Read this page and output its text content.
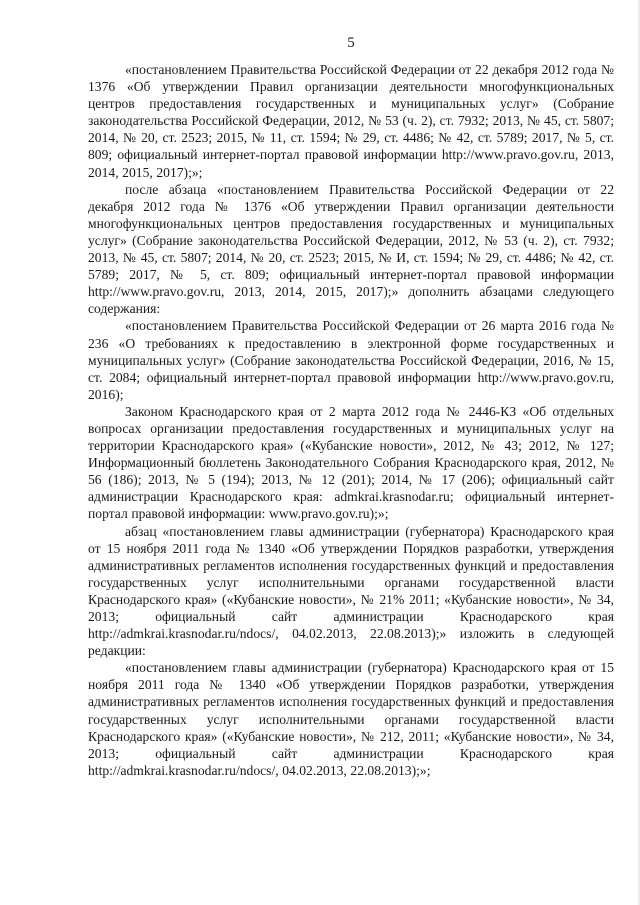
5

«постановлением Правительства Российской Федерации от 22 декабря 2012 года № 1376 «Об утверждении Правил организации деятельности многофункциональных центров предоставления государственных и муниципальных услуг» (Собрание законодательства Российской Федерации, 2012, № 53 (ч. 2), ст. 7932; 2013, № 45, ст. 5807; 2014, № 20, ст. 2523; 2015, № 11, ст. 1594; № 29, ст. 4486; № 42, ст. 5789; 2017, № 5, ст. 809; официальный интернет-портал правовой информации http://www.pravo.gov.ru, 2013, 2014, 2015, 2017);»;

после абзаца «постановлением Правительства Российской Федерации от 22 декабря 2012 года № 1376 «Об утверждении Правил организации деятельности многофункциональных центров предоставления государственных и муниципальных услуг» (Собрание законодательства Российской Федерации, 2012, № 53 (ч. 2), ст. 7932; 2013, № 45, ст. 5807; 2014, № 20, ст. 2523; 2015, № И, ст. 1594; № 29, ст. 4486; № 42, ст. 5789; 2017, № 5, ст. 809; официальный интернет-портал правовой информации http://www.pravo.gov.ru, 2013, 2014, 2015, 2017);» дополнить абзацами следующего содержания:

«постановлением Правительства Российской Федерации от 26 марта 2016 года № 236 «О требованиях к предоставлению в электронной форме государственных и муниципальных услуг» (Собрание законодательства Российской Федерации, 2016, № 15, ст. 2084; официальный интернет-портал правовой информации http://www.pravo.gov.ru, 2016);

Законом Краснодарского края от 2 марта 2012 года № 2446-КЗ «Об отдельных вопросах организации предоставления государственных и муниципальных услуг на территории Краснодарского края» («Кубанские новости», 2012, № 43; 2012, № 127; Информационный бюллетень Законодательного Собрания Краснодарского края, 2012, № 56 (186); 2013, № 5 (194); 2013, № 12 (201); 2014, № 17 (206); официальный сайт администрации Краснодарского края: admkrai.krasnodar.ru; официальный интернет-портал правовой информации: www.pravo.gov.ru);»;

абзац «постановлением главы администрации (губернатора) Краснодарского края от 15 ноября 2011 года № 1340 «Об утверждении Порядков разработки, утверждения административных регламентов исполнения государственных функций и предоставления государственных услуг исполнительными органами государственной власти Краснодарского края» («Кубанские новости», № 21% 2011; «Кубанские новости», № 34, 2013; официальный сайт администрации Краснодарского края http://admkrai.krasnodar.ru/ndocs/, 04.02.2013, 22.08.2013);» изложить в следующей редакции:

«постановлением главы администрации (губернатора) Краснодарского края от 15 ноября 2011 года № 1340 «Об утверждении Порядков разработки, утверждения административных регламентов исполнения государственных функций и предоставления государственных услуг исполнительными органами государственной власти Краснодарского края» («Кубанские новости», № 212, 2011; «Кубанские новости», № 34, 2013; официальный сайт администрации Краснодарского края http://admkrai.krasnodar.ru/ndocs/, 04.02.2013, 22.08.2013);»;
